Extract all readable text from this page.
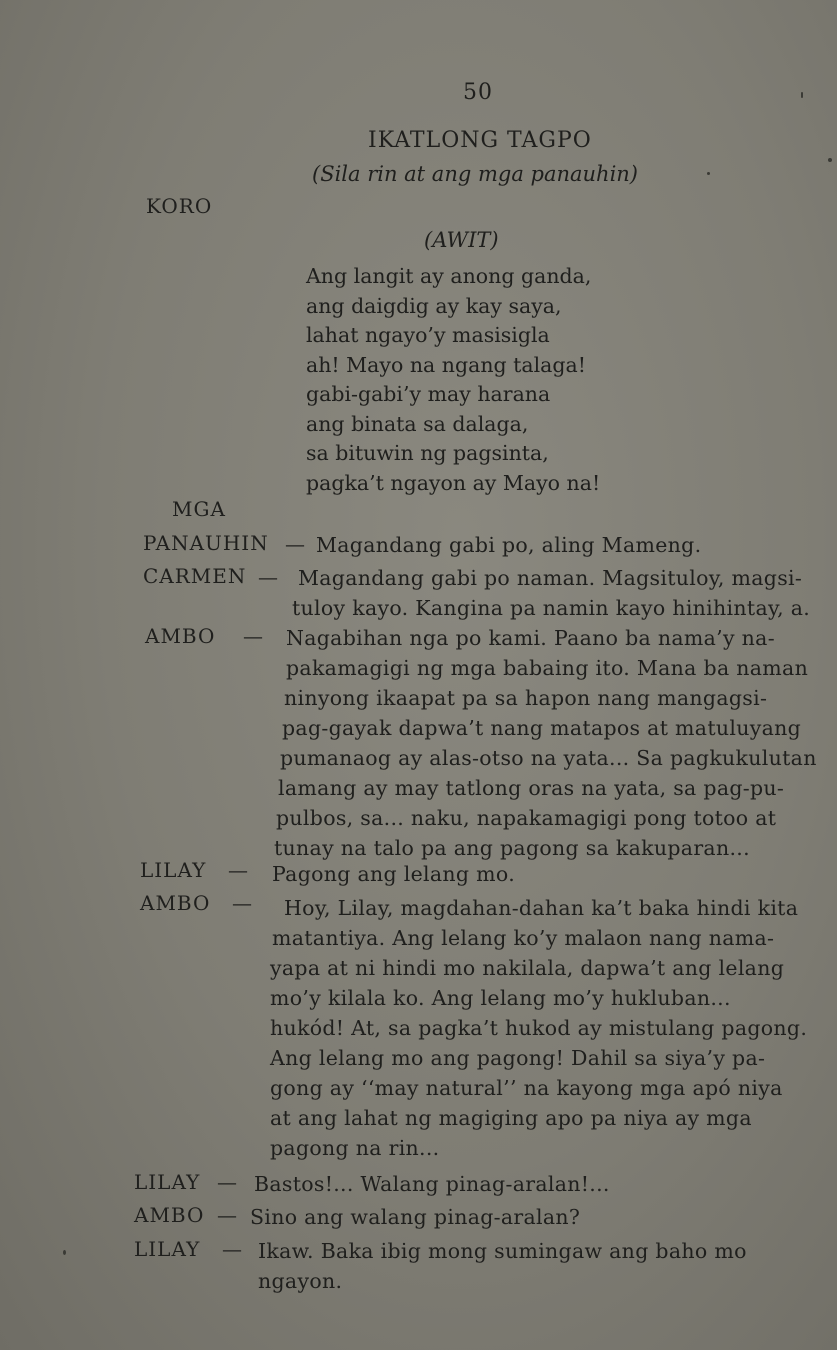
50
IKATLONG TAGPO
(Sila rin at ang mga panauhin)
KORO
(AWIT)
Ang langit ay anong ganda,
ang daigdig ay kay saya,
lahat ngayo’y masisigla
ah! Mayo na ngang talaga!
gabi-gabi’y may harana
ang binata sa dalaga,
sa bituwin ng pagsinta,
pagka’t ngayon ay Mayo na!
MGA
PANAUHIN — Magandang gabi po, aling Mameng.
CARMEN — Magandang gabi po naman. Magsituloy, magsi-
tuloy kayo. Kangina pa namin kayo hinihintay, a.
AMBO — Nagabihan nga po kami. Paano ba nama’y na-
pakamagigi ng mga babaing ito. Mana ba naman
ninyong ikaapat pa sa hapon nang mangagsi-
pag-gayak dapwa’t nang matapos at matuluyang
pumanaog ay alas-otso na yata... Sa pagkukulutan
lamang ay may tatlong oras na yata, sa pag-pu-
pulbos, sa... naku, napakamagigi pong totoo at
tunay na talo pa ang pagong sa kakuparan...
LILAY — Pagong ang lelang mo.
AMBO — Hoy, Lilay, magdahan-dahan ka’t baka hindi kita
matantiya. Ang lelang ko’y malaon nang nama-
yapa at ni hindi mo nakilala, dapwa’t ang lelang
mo’y kilala ko. Ang lelang mo’y hukluban...
hukód! At, sa pagka’t hukod ay mistulang pagong.
Ang lelang mo ang pagong! Dahil sa siya’y pa-
gong ay ‘‘may natural’’ na kayong mga apó niya
at ang lahat ng magiging apo pa niya ay mga
pagong na rin...
LILAY — Bastos!... Walang pinag-aralan!...
AMBO — Sino ang walang pinag-aralan?
LILAY — Ikaw. Baka ibig mong sumingaw ang baho mo
ngayon.
